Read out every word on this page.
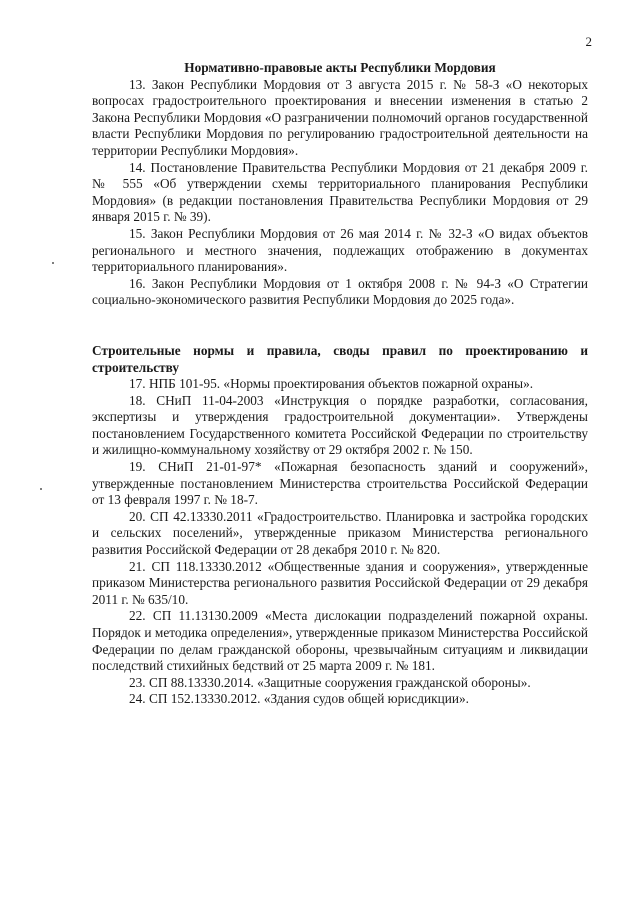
2

Нормативно-правовые акты Республики Мордовия

13. Закон Республики Мордовия от 3 августа 2015 г. № 58-З «О некоторых вопросах градостроительного проектирования и внесении изменения в статью 2 Закона Республики Мордовия «О разграничении полномочий органов государственной власти Республики Мордовия по регулированию градостроительной деятельности на территории Республики Мордовия».

14. Постановление Правительства Республики Мордовия от 21 декабря 2009 г. № 555 «Об утверждении схемы территориального планирования Республики Мордовия» (в редакции постановления Правительства Республики Мордовия от 29 января 2015 г. № 39).

15. Закон Республики Мордовия от 26 мая 2014 г. № 32-З «О видах объектов регионального и местного значения, подлежащих отображению в документах территориального планирования».

16. Закон Республики Мордовия от 1 октября 2008 г. № 94-З «О Стратегии социально-экономического развития Республики Мордовия до 2025 года».

Строительные нормы и правила, своды правил по проектированию и строительству

17. НПБ 101-95. «Нормы проектирования объектов пожарной охраны».

18. СНиП 11-04-2003 «Инструкция о порядке разработки, согласования, экспертизы и утверждения градостроительной документации». Утверждены постановлением Государственного комитета Российской Федерации по строительству и жилищно-коммунальному хозяйству от 29 октября 2002 г. № 150.

19. СНиП 21-01-97* «Пожарная безопасность зданий и сооружений», утвержденные постановлением Министерства строительства Российской Федерации от 13 февраля 1997 г. № 18-7.

20. СП 42.13330.2011 «Градостроительство. Планировка и застройка городских и сельских поселений», утвержденные приказом Министерства регионального развития Российской Федерации от 28 декабря 2010 г. № 820.

21. СП 118.13330.2012 «Общественные здания и сооружения», утвержденные приказом Министерства регионального развития Российской Федерации от 29 декабря 2011 г. № 635/10.

22. СП 11.13130.2009 «Места дислокации подразделений пожарной охраны. Порядок и методика определения», утвержденные приказом Министерства Российской Федерации по делам гражданской обороны, чрезвычайным ситуациям и ликвидации последствий стихийных бедствий от 25 марта 2009 г. № 181.

23. СП 88.13330.2014. «Защитные сооружения гражданской обороны».

24. СП 152.13330.2012. «Здания судов общей юрисдикции».
